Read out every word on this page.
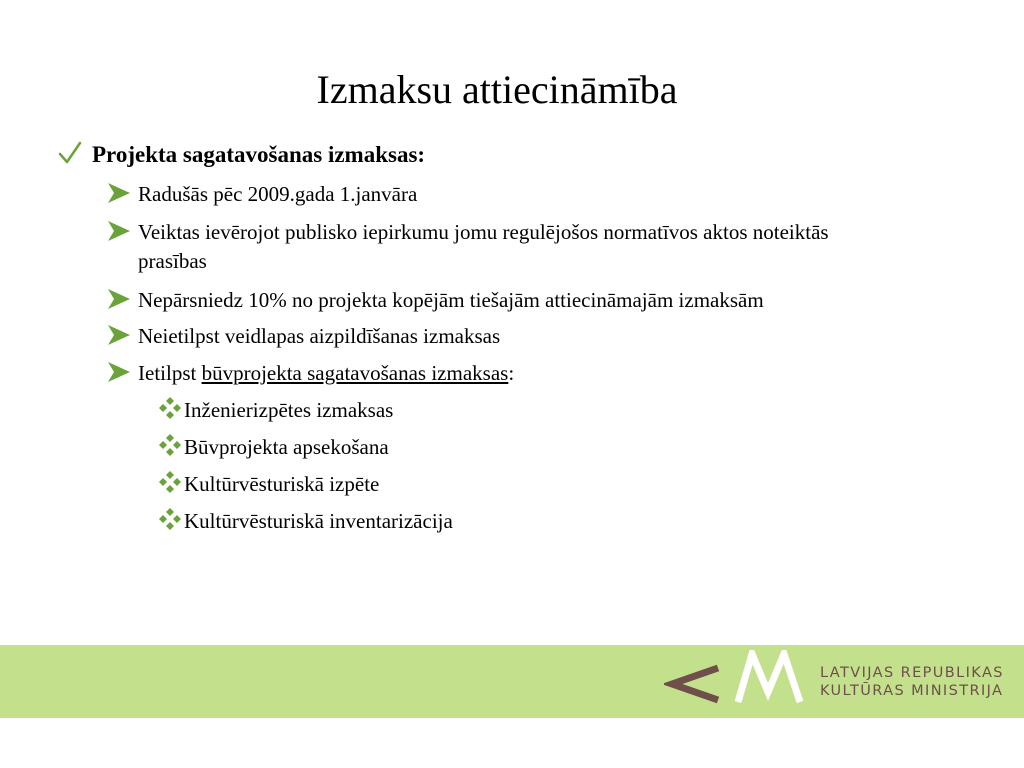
Izmaksu attiecināmība
Projekta sagatavošanas izmaksas:
Radušās pēc 2009.gada 1.janvāra
Veiktas ievērojot publisko iepirkumu jomu regulējošos normatīvos aktos noteiktās prasības
Nepārsniedz 10% no projekta kopējām tiešajām attiecināmajām izmaksām
Neietilpst veidlapas aizpildīšanas izmaksas
Ietilpst būvprojekta sagatavošanas izmaksas:
Inženierizpētes izmaksas
Būvprojekta apsekošana
Kultūrvēsturiskā izpēte
Kultūrvēsturiskā inventarizācija
LATVIJAS REPUBLIKAS
KULTŪRAS MINISTRIJA
